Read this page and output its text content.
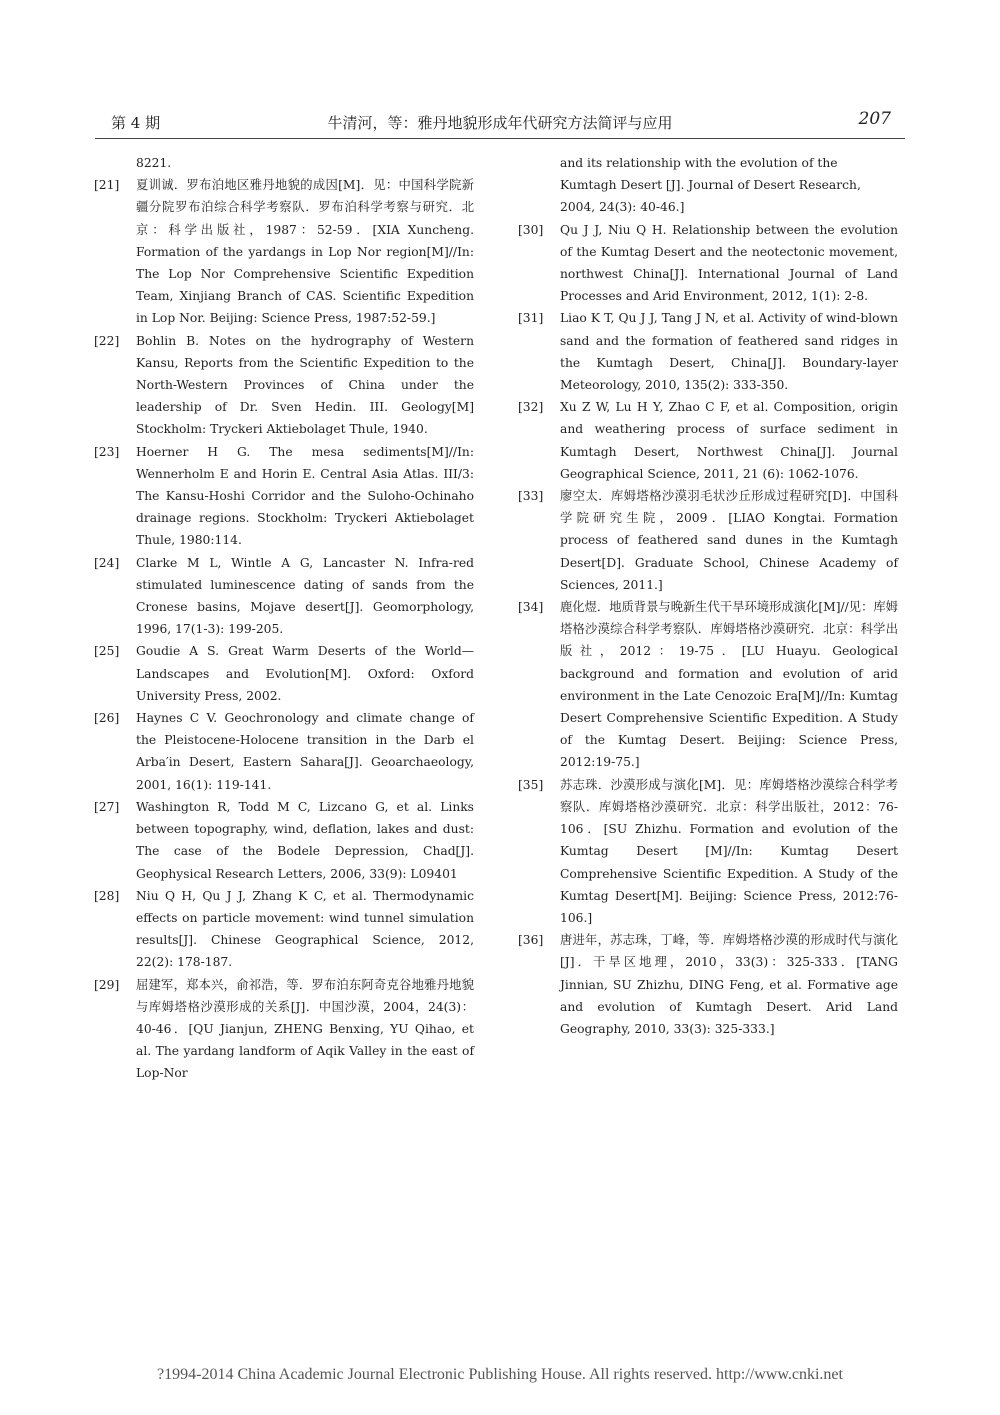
第 4 期	牛清河，等：雅丹地貌形成年代研究方法简评与应用	207
8221.
[21]	夏训诚．罗布泊地区雅丹地貌的成因[M]．见：中国科学院新疆分院罗布泊综合科学考察队．罗布泊科学考察与研究．北京：科学出版社，1987：52-59．[XIA Xuncheng. Formation of the yardangs in Lop Nor region[M]//In: The Lop Nor Comprehensive Scientific Expedition Team, Xinjiang Branch of CAS. Scientific Expedition in Lop Nor. Beijing: Science Press, 1987:52-59.]
[22]	Bohlin B. Notes on the hydrography of Western Kansu, Reports from the Scientific Expedition to the North-Western Provinces of China under the leadership of Dr. Sven Hedin. III. Geology[M] Stockholm: Tryckeri Aktiebolaget Thule, 1940.
[23]	Hoerner H G. The mesa sediments[M]//In: Wennerholm E and Horin E. Central Asia Atlas. III/3: The Kansu-Hoshi Corridor and the Suloho-Ochinaho drainage regions. Stockholm: Tryckeri Aktiebolaget Thule, 1980:114.
[24]	Clarke M L, Wintle A G, Lancaster N. Infra-red stimulated luminescence dating of sands from the Cronese basins, Mojave desert[J]. Geomorphology, 1996, 17(1-3): 199-205.
[25]	Goudie A S. Great Warm Deserts of the World—Landscapes and Evolution[M]. Oxford: Oxford University Press, 2002.
[26]	Haynes C V. Geochronology and climate change of the Pleistocene-Holocene transition in the Darb el Arba′in Desert, Eastern Sahara[J]. Geoarchaeology, 2001, 16(1): 119-141.
[27]	Washington R, Todd M C, Lizcano G, et al. Links between topography, wind, deflation, lakes and dust: The case of the Bodele Depression, Chad[J]. Geophysical Research Letters, 2006, 33(9): L09401
[28]	Niu Q H, Qu J J, Zhang K C, et al. Thermodynamic effects on particle movement: wind tunnel simulation results[J]. Chinese Geographical Science, 2012, 22(2): 178-187.
[29]	屈建军，郑本兴，俞祁浩，等．罗布泊东阿奇克谷地雅丹地貌与库姆塔格沙漠形成的关系[J]．中国沙漠，2004，24(3)：40-46．[QU Jianjun, ZHENG Benxing, YU Qihao, et al. The yardang landform of Aqik Valley in the east of Lop-Nor
and its relationship with the evolution of the Kumtagh Desert [J]. Journal of Desert Research, 2004, 24(3): 40-46.]
[30]	Qu J J, Niu Q H. Relationship between the evolution of the Kumtag Desert and the neotectonic movement, northwest China[J]. International Journal of Land Processes and Arid Environment, 2012, 1(1): 2-8.
[31]	Liao K T, Qu J J, Tang J N, et al. Activity of wind-blown sand and the formation of feathered sand ridges in the Kumtagh Desert, China[J]. Boundary-layer Meteorology, 2010, 135(2): 333-350.
[32]	Xu Z W, Lu H Y, Zhao C F, et al. Composition, origin and weathering process of surface sediment in Kumtagh Desert, Northwest China[J]. Journal Geographical Science, 2011, 21 (6): 1062-1076.
[33]	廖空太．库姆塔格沙漠羽毛状沙丘形成过程研究[D]．中国科学院研究生院，2009．[LIAO Kongtai. Formation process of feathered sand dunes in the Kumtagh Desert[D]. Graduate School, Chinese Academy of Sciences, 2011.]
[34]	鹿化煜．地质背景与晚新生代干旱环境形成演化[M]//见：库姆塔格沙漠综合科学考察队．库姆塔格沙漠研究．北京：科学出版社，2012：19-75．[LU Huayu. Geological background and formation and evolution of arid environment in the Late Cenozoic Era[M]//In: Kumtag Desert Comprehensive Scientific Expedition. A Study of the Kumtag Desert. Beijing: Science Press, 2012:19-75.]
[35]	苏志珠．沙漠形成与演化[M]．见：库姆塔格沙漠综合科学考察队．库姆塔格沙漠研究．北京：科学出版社，2012：76-106．[SU Zhizhu. Formation and evolution of the Kumtag Desert [M]//In: Kumtag Desert Comprehensive Scientific Expedition. A Study of the Kumtag Desert[M]. Beijing: Science Press, 2012:76-106.]
[36]	唐进年，苏志珠，丁峰，等．库姆塔格沙漠的形成时代与演化[J]．干旱区地理，2010，33(3)：325-333．[TANG Jinnian, SU Zhizhu, DING Feng, et al. Formative age and evolution of Kumtagh Desert. Arid Land Geography, 2010, 33(3): 325-333.]
?1994-2014 China Academic Journal Electronic Publishing House. All rights reserved. http://www.cnki.net
